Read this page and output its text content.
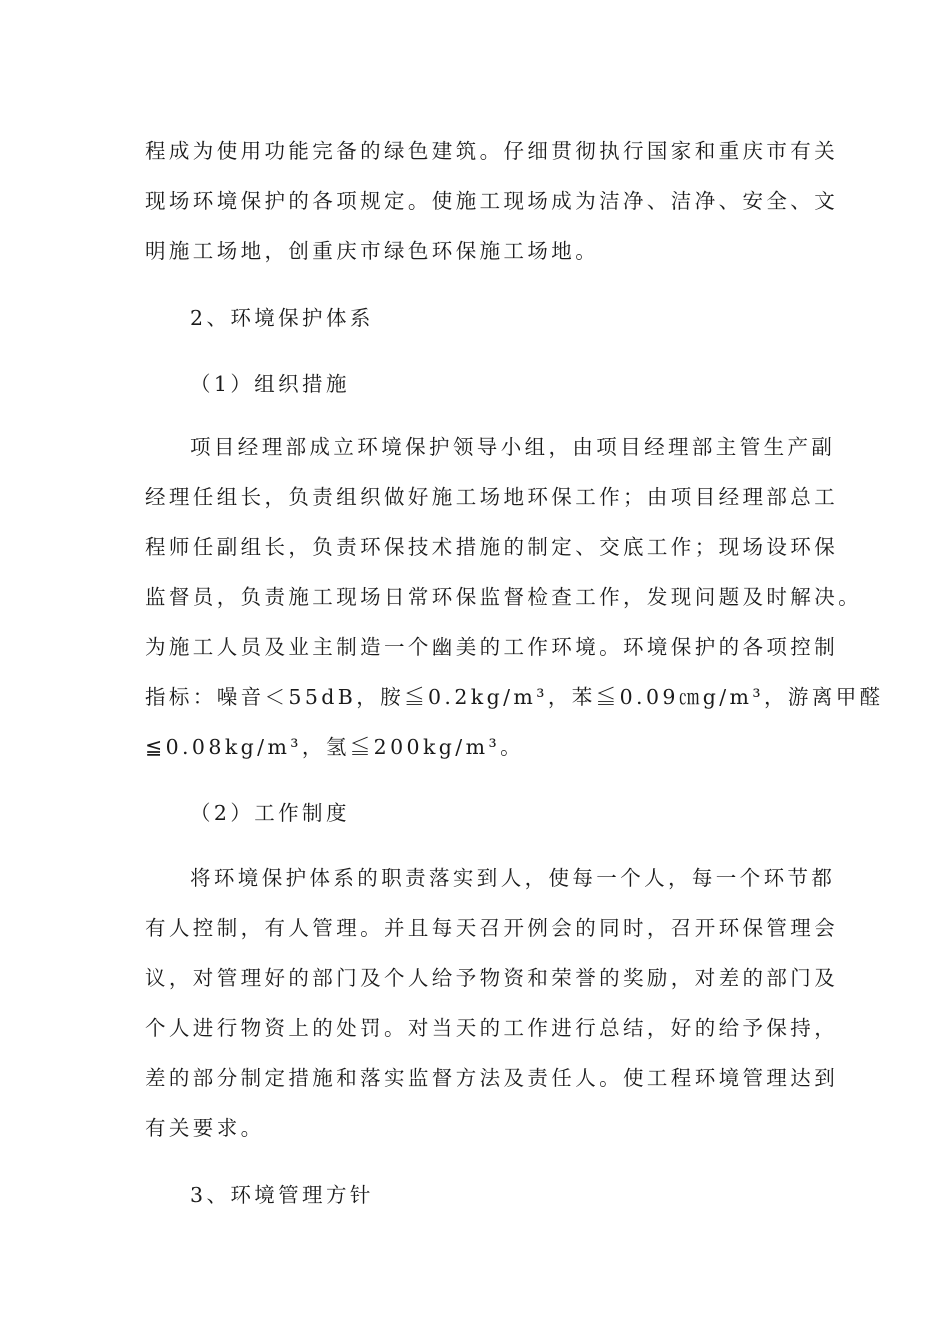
程成为使用功能完备的绿色建筑。仔细贯彻执行国家和重庆市有关
现场环境保护的各项规定。使施工现场成为洁净、洁净、安全、文
明施工场地，创重庆市绿色环保施工场地。
2、环境保护体系
（1）组织措施
项目经理部成立环境保护领导小组，由项目经理部主管生产副
经理任组长，负责组织做好施工场地环保工作；由项目经理部总工
程师任副组长，负责环保技术措施的制定、交底工作；现场设环保
监督员，负责施工现场日常环保监督检查工作，发现问题及时解决。
为施工人员及业主制造一个幽美的工作环境。环境保护的各项控制
指标：噪音＜55dB，胺≦0.2kg/m³，苯≦0.09㎝g/m³，游离甲醛
≦0.08kg/m³，氢≦200kg/m³。
（2）工作制度
将环境保护体系的职责落实到人，使每一个人，每一个环节都
有人控制，有人管理。并且每天召开例会的同时，召开环保管理会
议，对管理好的部门及个人给予物资和荣誉的奖励，对差的部门及
个人进行物资上的处罚。对当天的工作进行总结，好的给予保持，
差的部分制定措施和落实监督方法及责任人。使工程环境管理达到
有关要求。
3、环境管理方针
